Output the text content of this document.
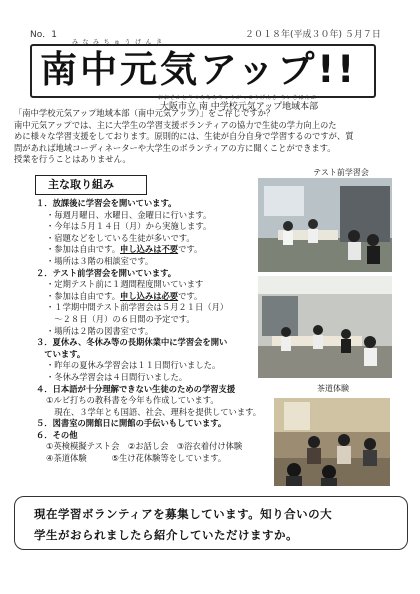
No．1	２０１８年(平成３０年) ５月７日
みなみちゅうげんき
南中元気アップ!!
おおさかしりつみなみちゅうがっこうげんき ちいきほんぶ
大阪市立 南 中学校元気アップ地域本部
「南中学校元気アップ地域本部（南中元気アップ）」をご存じですか？
南中元気アップでは、主に大学生の学習支援ボランティアの協力で生徒の学力向上のた
めに様々な学習支援をしております。原則的には、生徒が自分自身で学習するのですが、質
問があれば地域コーディネーターや大学生のボランティアの方に聞くことができます。
授業を行うことはありません。
主な取り組み
１．放課後に学習会を開いています。
・毎週月曜日、水曜日、金曜日に行います。
・今年は５月１４日（月）から実施します。
・宿題などをしている生徒が多いです。
・参加は自由です。申し込みは不要です。
・場所は３階の相談室です。
２．テスト前学習会を開いています。
・定期テスト前に１週間程度開いています
・参加は自由です。申し込みは必要です。
・１学期中間テスト前学習会は５月２１日（月）
　～２８日（月）の６日間の予定です。
・場所は２階の図書室です。
３．夏休み、冬休み等の長期休業中に学習会を開い
　ています。
・昨年の夏休み学習会は１１日間行いました。
・冬休み学習会は４日間行いました。
４．日本語が十分理解できない生徒のための学習支援
①ルビ打ちの教科書を今年も作成しています。
　現在、３学年とも国語、社会、理科を提供しています。
５．図書室の開館日に開館の手伝いもしています。
６．その他
①英検模擬テスト会　②お話し会　③浴衣着付け体験
④茶道体験　　　⑤生け花体験等をしています。
テスト前学習会
茶道体験
現在学習ボランティアを募集しています。知り合いの大
学生がおられましたら紹介していただけますか。
